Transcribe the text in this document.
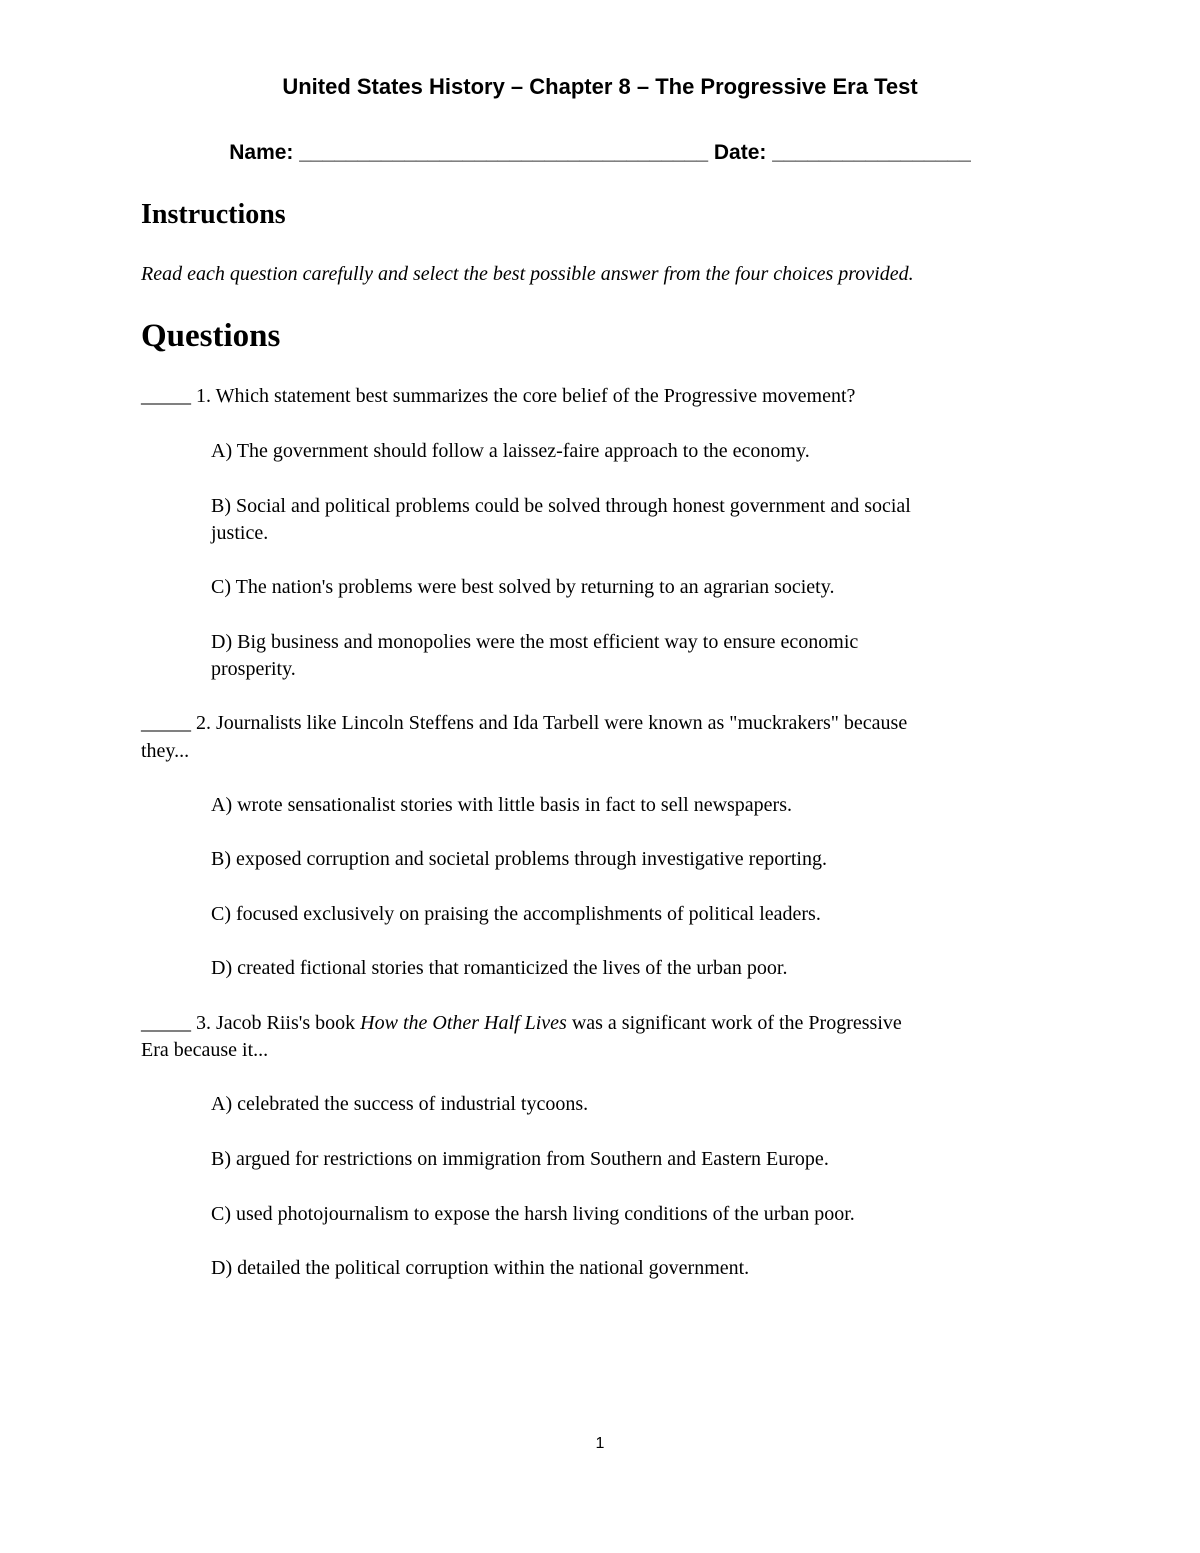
United States History – Chapter 8 – The Progressive Era Test
Name: ___________________________________ Date: _________________
Instructions
Read each question carefully and select the best possible answer from the four choices provided.
Questions
_____ 1. Which statement best summarizes the core belief of the Progressive movement?
A) The government should follow a laissez-faire approach to the economy.
B) Social and political problems could be solved through honest government and social
justice.
C) The nation's problems were best solved by returning to an agrarian society.
D) Big business and monopolies were the most efficient way to ensure economic
prosperity.
_____ 2. Journalists like Lincoln Steffens and Ida Tarbell were known as "muckrakers" because
they...
A) wrote sensationalist stories with little basis in fact to sell newspapers.
B) exposed corruption and societal problems through investigative reporting.
C) focused exclusively on praising the accomplishments of political leaders.
D) created fictional stories that romanticized the lives of the urban poor.
_____ 3. Jacob Riis's book How the Other Half Lives was a significant work of the Progressive
Era because it...
A) celebrated the success of industrial tycoons.
B) argued for restrictions on immigration from Southern and Eastern Europe.
C) used photojournalism to expose the harsh living conditions of the urban poor.
D) detailed the political corruption within the national government.
1
